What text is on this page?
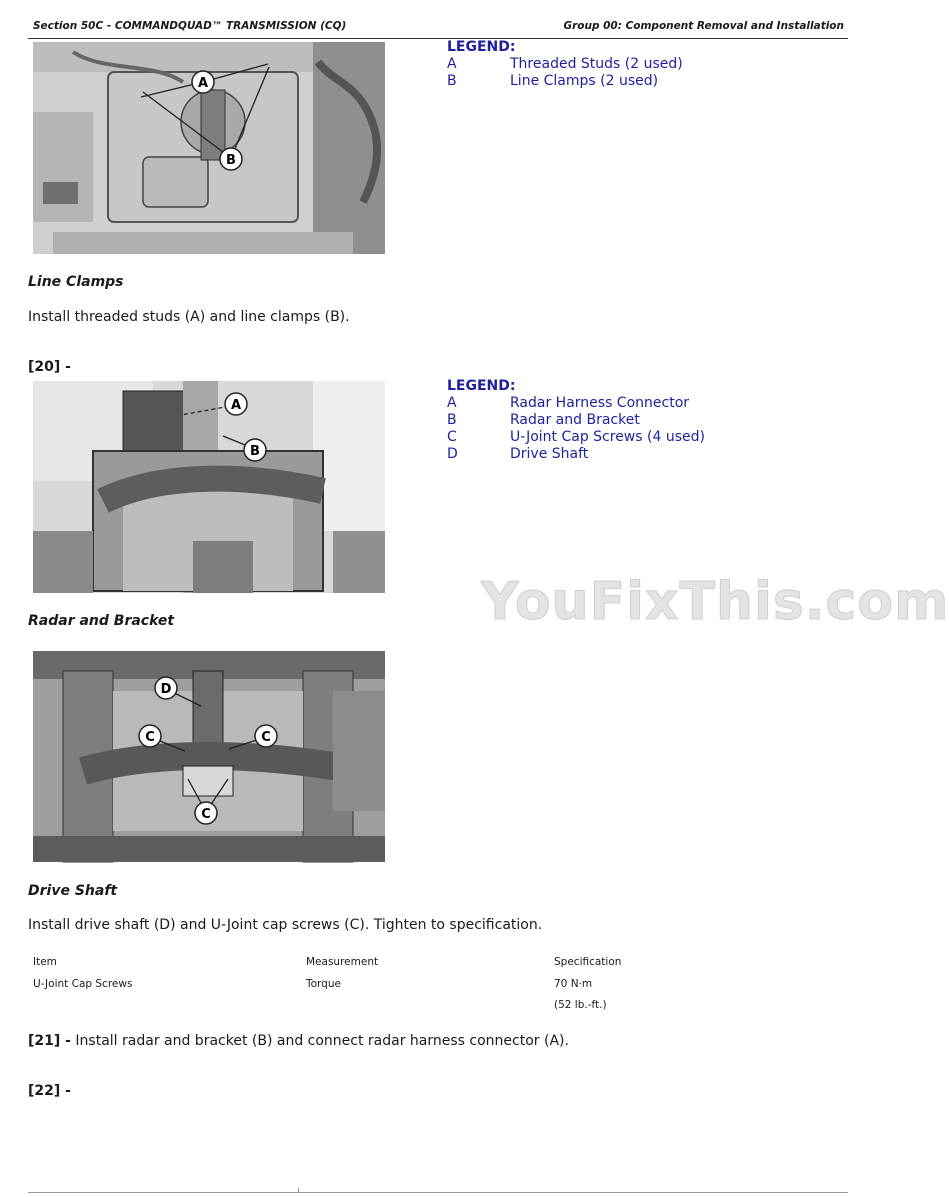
Section 50C - COMMANDQUAD™ TRANSMISSION (CQ)	Group 00: Component Removal and Installation
A
B
LEGEND:
A	Threaded Studs (2 used)
B	Line Clamps (2 used)
Line Clamps
Install threaded studs (A) and line clamps (B).
[20] -
A
B
LEGEND:
A	Radar Harness Connector
B	Radar and Bracket
C	U-Joint Cap Screws (4 used)
D	Drive Shaft
YouFixThis.com
Radar and Bracket
D
C	C
C
Drive Shaft
Install drive shaft (D) and U-Joint cap screws (C). Tighten to specification.
Item	Measurement	Specification
U-Joint Cap Screws	Torque	70 N·m
(52 lb.-ft.)
[21] - Install radar and bracket (B) and connect radar harness connector (A).
[22] -
